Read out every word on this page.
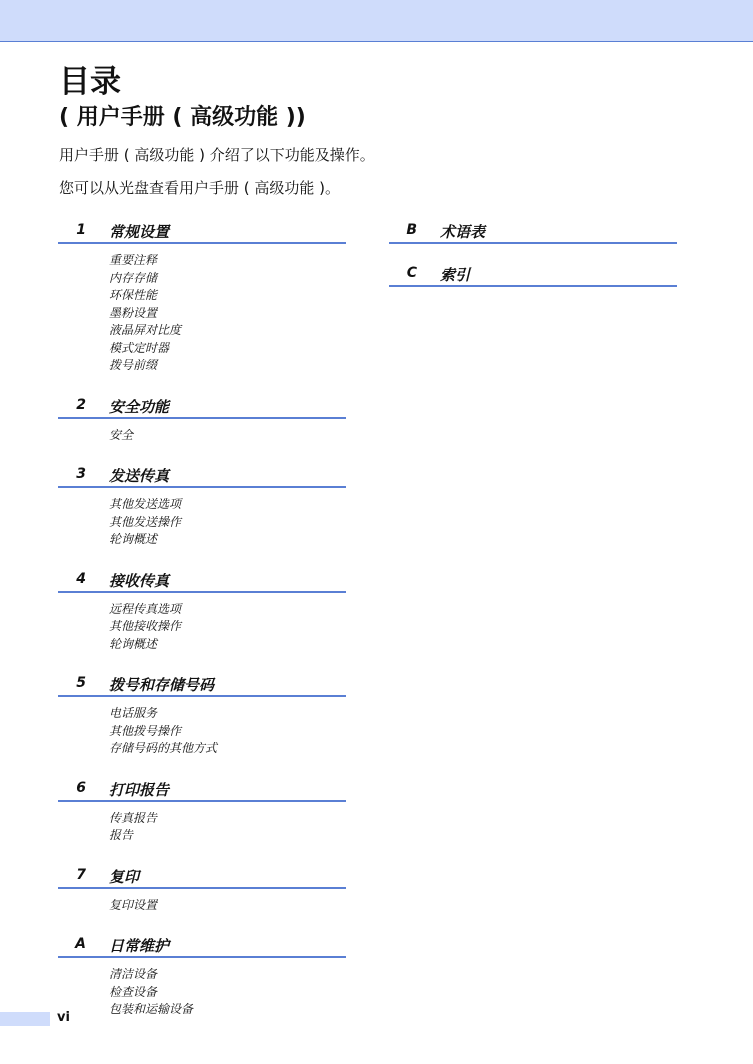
目录
( 用户手册 ( 高级功能 ))

用户手册 ( 高级功能 ) 介绍了以下功能及操作。

您可以从光盘查看用户手册 ( 高级功能 )。

1 常规设置
重要注释
内存存储
环保性能
墨粉设置
液晶屏对比度
模式定时器
拨号前缀
2 安全功能
安全
3 发送传真
其他发送选项
其他发送操作
轮询概述
4 接收传真
远程传真选项
其他接收操作
轮询概述
5 拨号和存储号码
电话服务
其他拨号操作
存储号码的其他方式
6 打印报告
传真报告
报告
7 复印
复印设置
A 日常维护
清洁设备
检查设备
包装和运输设备
B 术语表
C 索引
vi
